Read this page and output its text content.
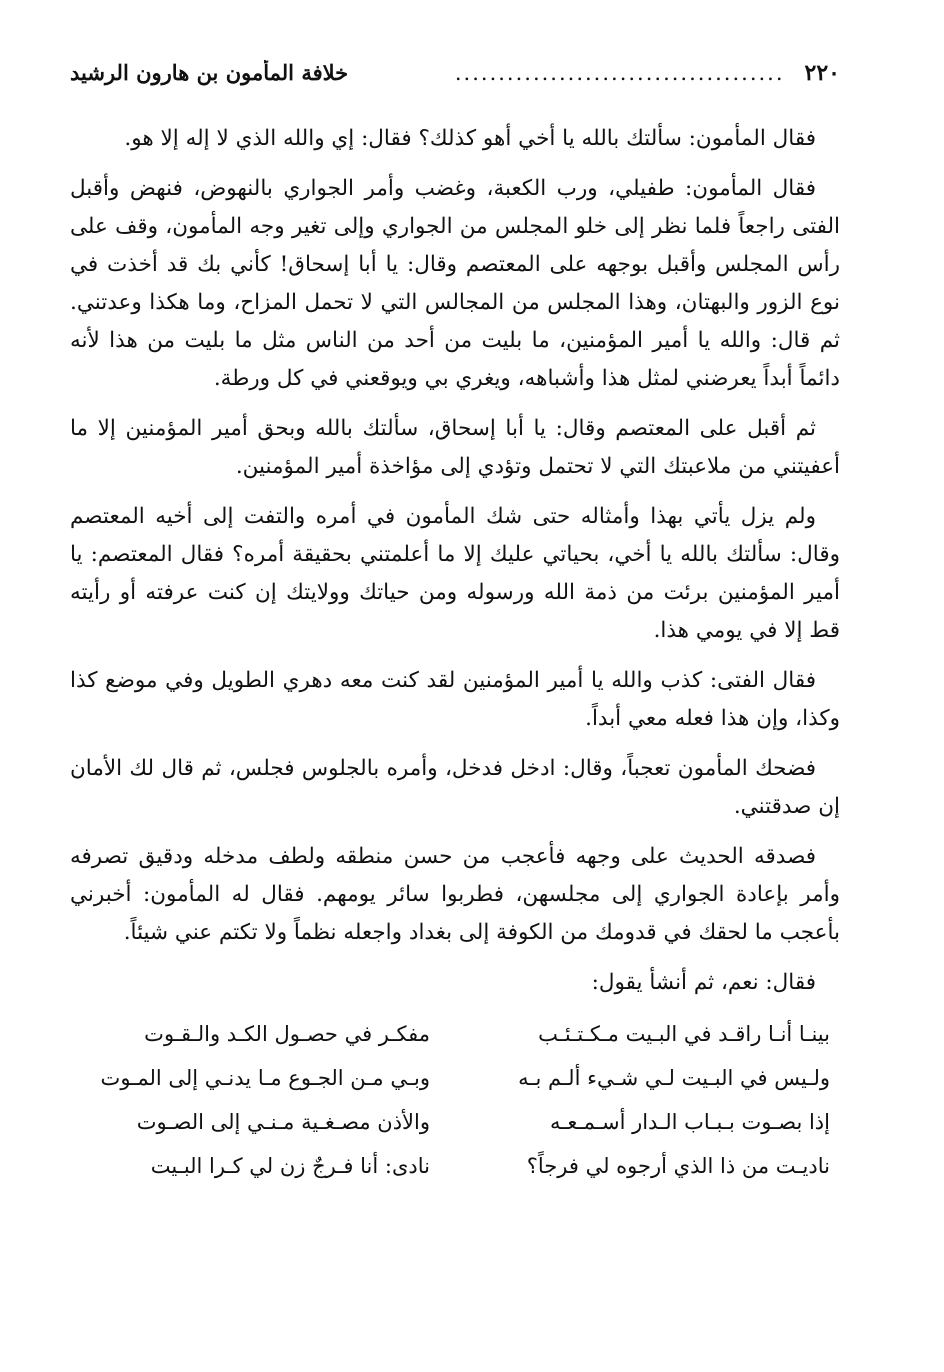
٢٢٠
......................................
خلافة المأمون بن هارون الرشيد

فقال المأمون: سألتك بالله يا أخي أهو كذلك؟ فقال: إي والله الذي لا إله إلا هو.

فقال المأمون: طفيلي، ورب الكعبة، وغضب وأمر الجواري بالنهوض، فنهض وأقبل الفتى راجعاً فلما نظر إلى خلو المجلس من الجواري وإلى تغير وجه المأمون، وقف على رأس المجلس وأقبل بوجهه على المعتصم وقال: يا أبا إسحاق! كأني بك قد أخذت في نوع الزور والبهتان، وهذا المجلس من المجالس التي لا تحمل المزاح، وما هكذا وعدتني. ثم قال: والله يا أمير المؤمنين، ما بليت من أحد من الناس مثل ما بليت من هذا لأنه دائماً أبداً يعرضني لمثل هذا وأشباهه، ويغري بي ويوقعني في كل ورطة.

ثم أقبل على المعتصم وقال: يا أبا إسحاق، سألتك بالله وبحق أمير المؤمنين إلا ما أعفيتني من ملاعبتك التي لا تحتمل وتؤدي إلى مؤاخذة أمير المؤمنين.

ولم يزل يأتي بهذا وأمثاله حتى شك المأمون في أمره والتفت إلى أخيه المعتصم وقال: سألتك بالله يا أخي، بحياتي عليك إلا ما أعلمتني بحقيقة أمره؟ فقال المعتصم: يا أمير المؤمنين برئت من ذمة الله ورسوله ومن حياتك وولايتك إن كنت عرفته أو رأيته قط إلا في يومي هذا.

فقال الفتى: كذب والله يا أمير المؤمنين لقد كنت معه دهري الطويل وفي موضع كذا وكذا، وإن هذا فعله معي أبداً.

فضحك المأمون تعجباً، وقال: ادخل فدخل، وأمره بالجلوس فجلس، ثم قال لك الأمان إن صدقتني.

فصدقه الحديث على وجهه فأعجب من حسن منطقه ولطف مدخله ودقيق تصرفه وأمر بإعادة الجواري إلى مجلسهن، فطربوا سائر يومهم. فقال له المأمون: أخبرني بأعجب ما لحقك في قدومك من الكوفة إلى بغداد واجعله نظماً ولا تكتم عني شيئاً.

فقال: نعم، ثم أنشأ يقول:

بينـا أنـا راقـد في البـيت مـكـتـئـب
مفكـر في حصـول الكـد والـقـوت
ولـيس في البـيت لـي شـيء ألـم بـه
وبـي مـن الجـوع مـا يدنـي إلى المـوت
إذا بصـوت بـبـاب الـدار أسـمـعـه
والأذن مصـغـية مـنـي إلى الصـوت
ناديـت من ذا الذي أرجوه لي فرجاً؟
نادى: أنا فـرجٌ زن لي كـرا البـيت
